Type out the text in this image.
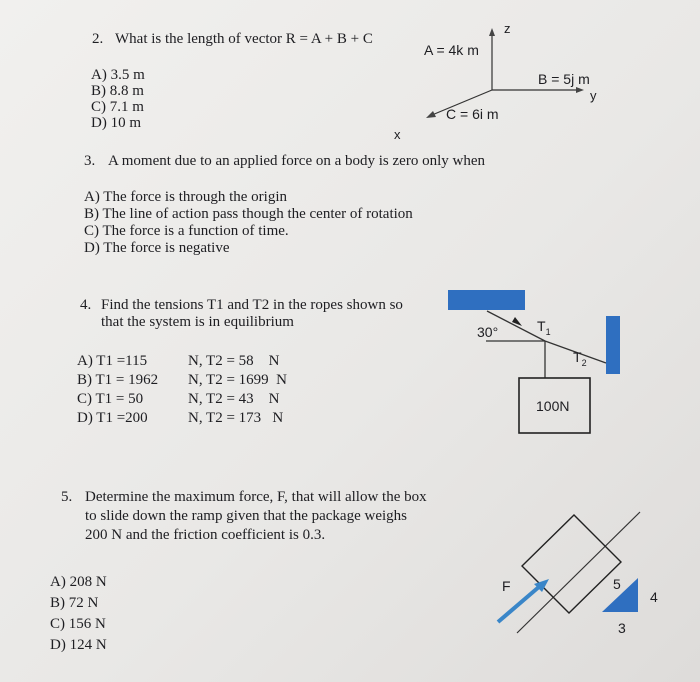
2. What is the length of vector R = A + B + C
A) 3.5 m
B) 8.8 m
C) 7.1 m
D) 10 m
z
A = 4k m
B = 5j m
y
C = 6i m
x
3. A moment due to an applied force on a body is zero only when
A) The force is through the origin
B) The line of action pass though the center of rotation
C) The force is a function of time.
D) The force is negative
4. Find the tensions T1 and T2 in the ropes shown so
that the system is in equilibrium
A) T1 =115
B) T1 = 1962
C) T1 = 50
D) T1 =200
N, T2 = 58    N
N, T2 = 1699  N
N, T2 = 43    N
N, T2 = 173   N
30°	$T_1$
$T_2$
100N
5. Determine the maximum force, F, that will allow the box
to slide down the ramp given that the package weighs
200 N and the friction coefficient is 0.3.
A) 208 N
B) 72 N
C) 156 N
D) 124 N
F	5
4
3
